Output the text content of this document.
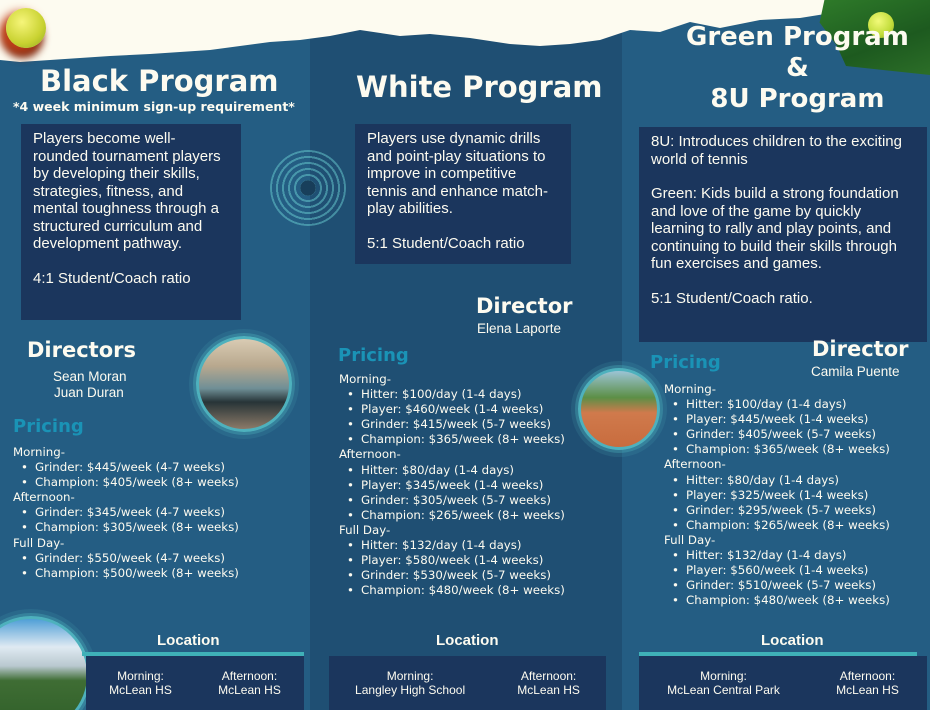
Black Program
*4 week minimum sign-up requirement*

Players become well-rounded tournament players by developing their skills, strategies, fitness, and mental toughness through a structured curriculum and development pathway.

4:1 Student/Coach ratio

Directors
Sean Moran
Juan Duran
Pricing
Morning-
• Grinder: $445/week (4-7 weeks)
• Champion: $405/week (8+ weeks)
Afternoon-
• Grinder: $345/week (4-7 weeks)
• Champion: $305/week (8+ weeks)
Full Day-
• Grinder: $550/week (4-7 weeks)
• Champion: $500/week (8+ weeks)
Location
Morning:
McLean HS
Afternoon:
McLean HS
White Program

Players use dynamic drills and point-play situations to improve in competitive tennis and enhance match-play abilities.

5:1 Student/Coach ratio

Director
Elena Laporte
Pricing
Morning-
• Hitter: $100/day (1-4 days)
• Player: $460/week (1-4 weeks)
• Grinder: $415/week (5-7 weeks)
• Champion: $365/week (8+ weeks)
Afternoon-
• Hitter: $80/day (1-4 days)
• Player: $345/week (1-4 weeks)
• Grinder: $305/week (5-7 weeks)
• Champion: $265/week (8+ weeks)
Full Day-
• Hitter: $132/day (1-4 days)
• Player: $580/week (1-4 weeks)
• Grinder: $530/week (5-7 weeks)
• Champion: $480/week (8+ weeks)
Location
Morning:
Langley High School
Afternoon:
McLean HS
Green Program
&
8U Program

8U: Introduces children to the exciting world of tennis

Green: Kids build a strong foundation and love of the game by quickly learning to rally and play points, and continuing to build their skills through fun exercises and games.

5:1 Student/Coach ratio.

Director
Camila Puente
Pricing
Morning-
• Hitter: $100/day (1-4 days)
• Player: $445/week (1-4 weeks)
• Grinder: $405/week (5-7 weeks)
• Champion: $365/week (8+ weeks)
Afternoon-
• Hitter: $80/day (1-4 days)
• Player: $325/week (1-4 weeks)
• Grinder: $295/week (5-7 weeks)
• Champion: $265/week (8+ weeks)
Full Day-
• Hitter: $132/day (1-4 days)
• Player: $560/week (1-4 weeks)
• Grinder: $510/week (5-7 weeks)
• Champion: $480/week (8+ weeks)
Location
Morning:
McLean Central Park
Afternoon:
McLean HS
